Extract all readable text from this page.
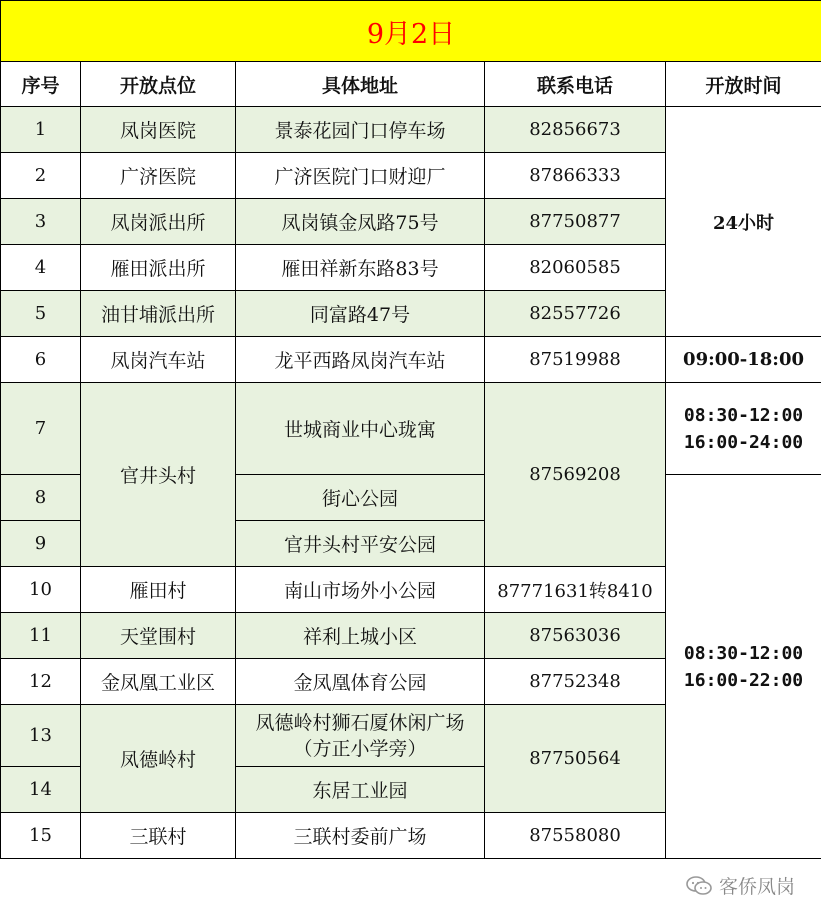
9月2日				
序号	开放点位	具体地址	联系电话	开放时间
1	凤岗医院	景泰花园门口停车场	82856673	24小时
2	广济医院	广济医院门口财迎厂	87866333	
3	凤岗派出所	凤岗镇金凤路75号	87750877	
4	雁田派出所	雁田祥新东路83号	82060585	
5	油甘埔派出所	同富路47号	82557726	
6	凤岗汽车站	龙平西路凤岗汽车站	87519988	09:00-18:00
7	官井头村	世城商业中心珑寓	87569208	08:30-12:00
16:00-24:00

8		街心公园		08:30-12:00
16:00-22:00

9		官井头村平安公园		
10	雁田村	南山市场外小公园	87771631转8410	
11	天堂围村	祥利上城小区	87563036	
12	金凤凰工业区	金凤凰体育公园	87752348	
13	凤德岭村	凤德岭村狮石厦休闲广场
（方正小学旁）	87750564	
14		东居工业园		
15	三联村	三联村委前广场	87558080	
客侨凤岗
